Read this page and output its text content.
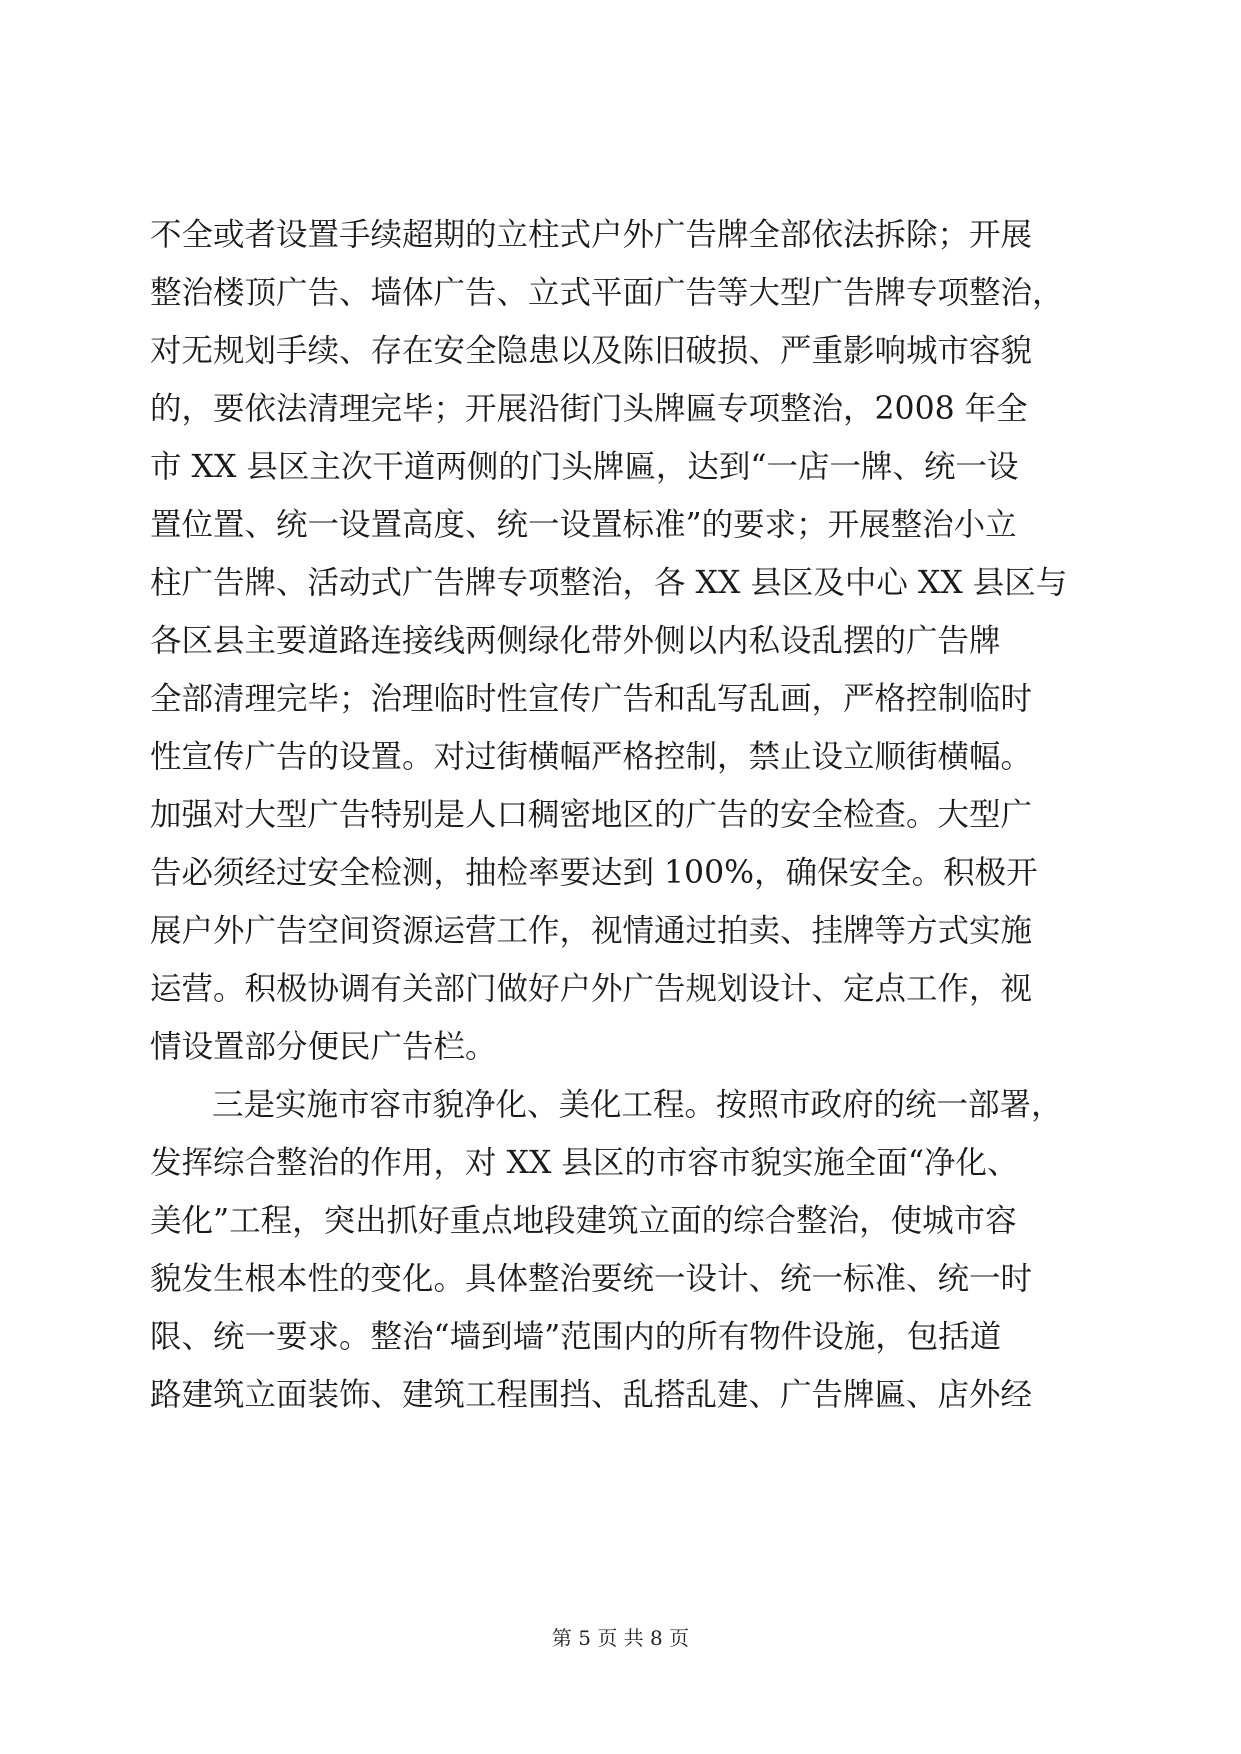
不全或者设置手续超期的立柱式户外广告牌全部依法拆除；开展
整治楼顶广告、墙体广告、立式平面广告等大型广告牌专项整治，
对无规划手续、存在安全隐患以及陈旧破损、严重影响城市容貌
的，要依法清理完毕；开展沿街门头牌匾专项整治，2008 年全
市 XX 县区主次干道两侧的门头牌匾，达到“一店一牌、统一设
置位置、统一设置高度、统一设置标准”的要求；开展整治小立
柱广告牌、活动式广告牌专项整治，各 XX 县区及中心 XX 县区与
各区县主要道路连接线两侧绿化带外侧以内私设乱摆的广告牌
全部清理完毕；治理临时性宣传广告和乱写乱画，严格控制临时
性宣传广告的设置。对过街横幅严格控制，禁止设立顺街横幅。
加强对大型广告特别是人口稠密地区的广告的安全检查。大型广
告必须经过安全检测，抽检率要达到 100%，确保安全。积极开
展户外广告空间资源运营工作，视情通过拍卖、挂牌等方式实施
运营。积极协调有关部门做好户外广告规划设计、定点工作，视
情设置部分便民广告栏。
三是实施市容市貌净化、美化工程。按照市政府的统一部署，
发挥综合整治的作用，对 XX 县区的市容市貌实施全面“净化、
美化”工程，突出抓好重点地段建筑立面的综合整治，使城市容
貌发生根本性的变化。具体整治要统一设计、统一标准、统一时
限、统一要求。整治“墙到墙”范围内的所有物件设施，包括道
路建筑立面装饰、建筑工程围挡、乱搭乱建、广告牌匾、店外经
第 5 页 共 8 页
